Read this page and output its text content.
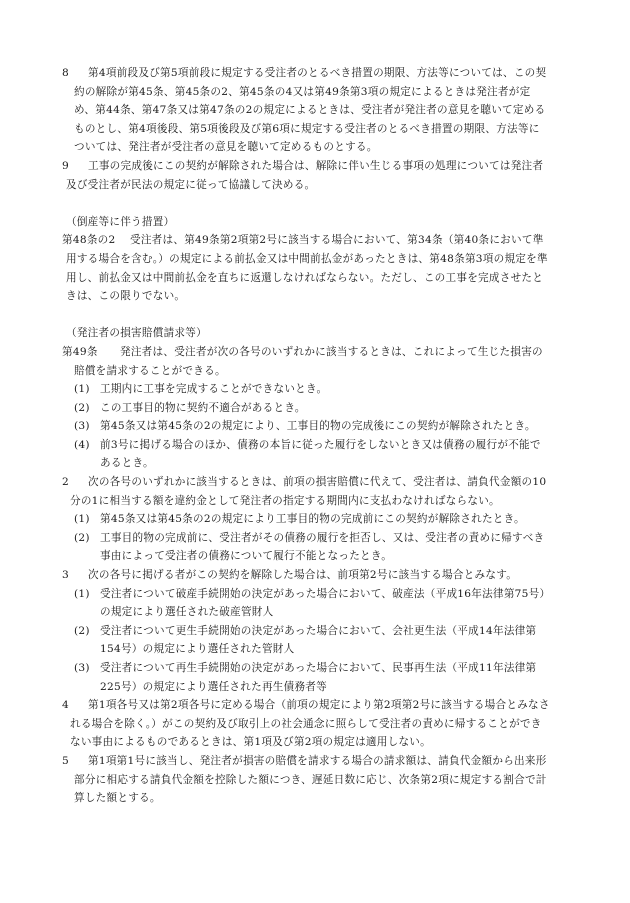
8	第4項前段及び第5項前段に規定する受注者のとるべき措置の期限、方法等については、この契約の解除が第45条、第45条の2、第45条の4又は第49条第3項の規定によるときは発注者が定め、第44条、第47条又は第47条の2の規定によるときは、受注者が発注者の意見を聴いて定めるものとし、第4項後段、第5項後段及び第6項に規定する受注者のとるべき措置の期限、方法等については、発注者が受注者の意見を聴いて定めるものとする。
9	工事の完成後にこの契約が解除された場合は、解除に伴い生じる事項の処理については発注者及び受注者が民法の規定に従って協議して決める。
（倒産等に伴う措置）
第48条の2	受注者は、第49条第2項第2号に該当する場合において、第34条（第40条において準用する場合を含む。）の規定による前払金又は中間前払金があったときは、第48条第3項の規定を準用し、前払金又は中間前払金を直ちに返還しなければならない。ただし、この工事を完成させたときは、この限りでない。
（発注者の損害賠償請求等）
第49条	発注者は、受注者が次の各号のいずれかに該当するときは、これによって生じた損害の賠償を請求することができる。
(1) 工期内に工事を完成することができないとき。
(2) この工事目的物に契約不適合があるとき。
(3) 第45条又は第45条の2の規定により、工事目的物の完成後にこの契約が解除されたとき。
(4) 前3号に掲げる場合のほか、債務の本旨に従った履行をしないとき又は債務の履行が不能であるとき。
2	次の各号のいずれかに該当するときは、前項の損害賠償に代えて、受注者は、請負代金額の10分の1に相当する額を違約金として発注者の指定する期間内に支払わなければならない。
(1) 第45条又は第45条の2の規定により工事目的物の完成前にこの契約が解除されたとき。
(2) 工事目的物の完成前に、受注者がその債務の履行を拒否し、又は、受注者の責めに帰すべき事由によって受注者の債務について履行不能となったとき。
3	次の各号に掲げる者がこの契約を解除した場合は、前項第2号に該当する場合とみなす。
(1) 受注者について破産手続開始の決定があった場合において、破産法（平成16年法律第75号）の規定により選任された破産管財人
(2) 受注者について更生手続開始の決定があった場合において、会社更生法（平成14年法律第154号）の規定により選任された管財人
(3) 受注者について再生手続開始の決定があった場合において、民事再生法（平成11年法律第225号）の規定により選任された再生債務者等
4	第1項各号又は第2項各号に定める場合（前項の規定により第2項第2号に該当する場合とみなされる場合を除く。）がこの契約及び取引上の社会通念に照らして受注者の責めに帰することができない事由によるものであるときは、第1項及び第2項の規定は適用しない。
5	第1項第1号に該当し、発注者が損害の賠償を請求する場合の請求額は、請負代金額から出来形部分に相応する請負代金額を控除した額につき、遅延日数に応じ、次条第2項に規定する割合で計算した額とする。
